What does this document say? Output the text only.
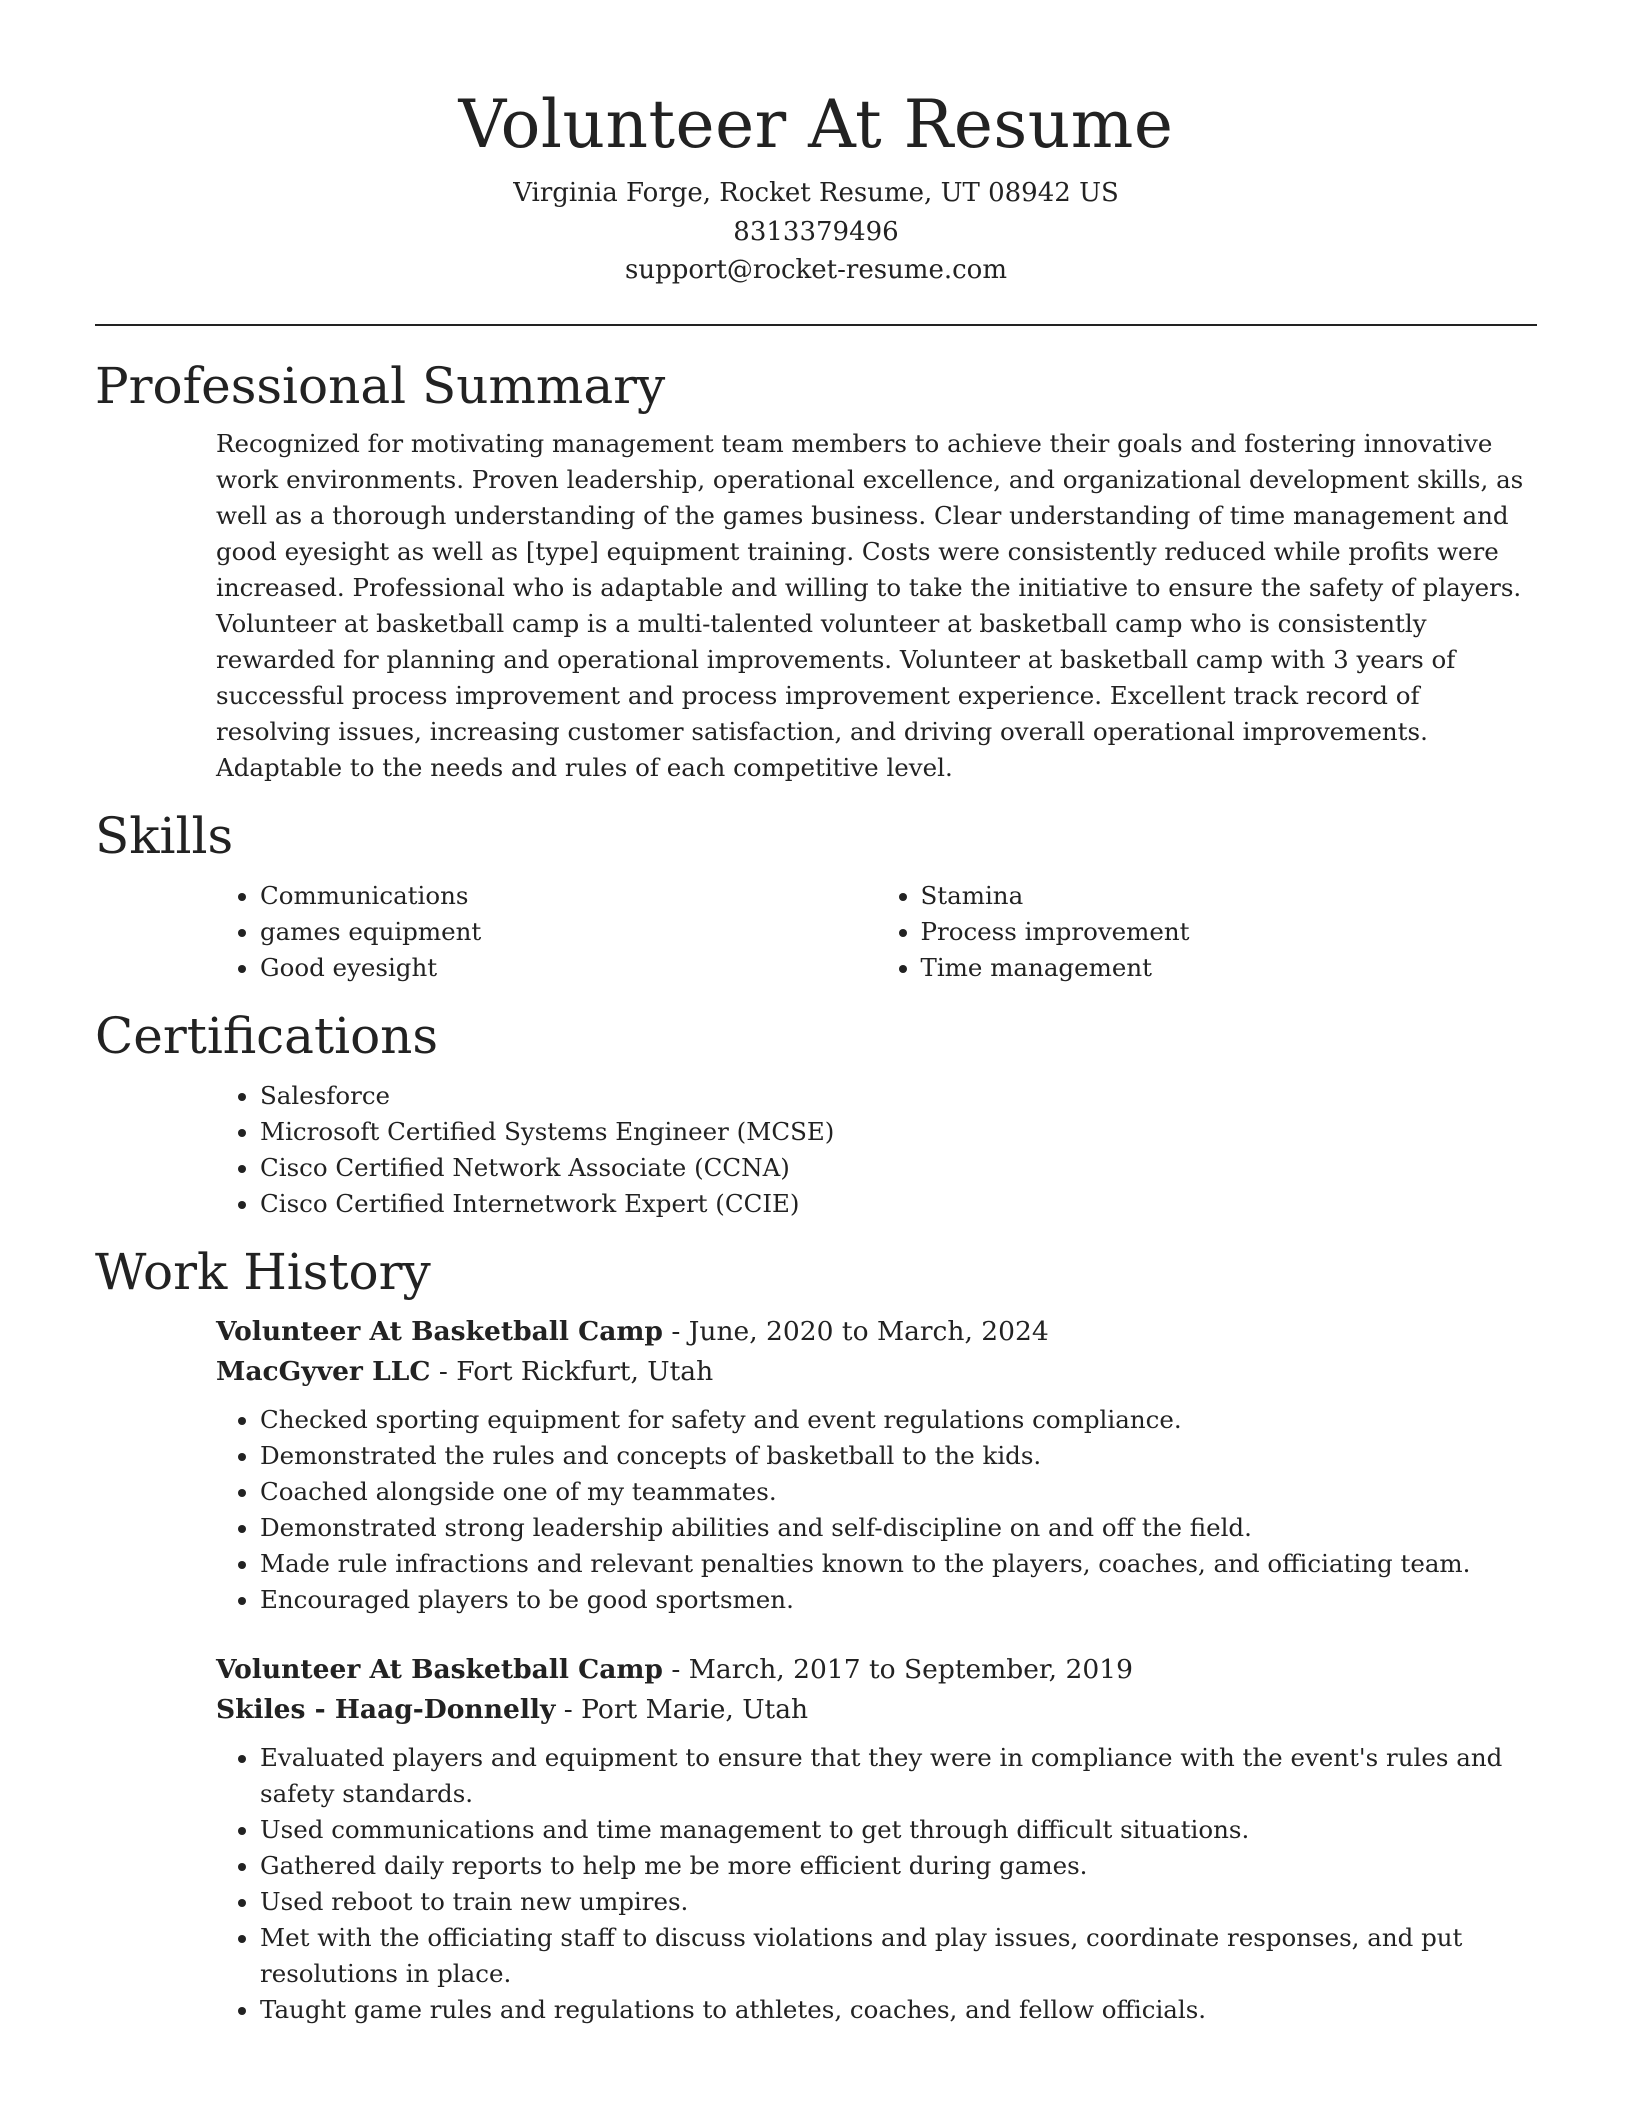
Volunteer At Resume
Virginia Forge, Rocket Resume, UT 08942 US
8313379496
support@rocket-resume.com
Professional Summary

Recognized for motivating management team members to achieve their goals and fostering innovative work environments. Proven leadership, operational excellence, and organizational development skills, as well as a thorough understanding of the games business. Clear understanding of time management and good eyesight as well as [type] equipment training. Costs were consistently reduced while profits were increased. Professional who is adaptable and willing to take the initiative to ensure the safety of players. Volunteer at basketball camp is a multi-talented volunteer at basketball camp who is consistently rewarded for planning and operational improvements. Volunteer at basketball camp with 3 years of successful process improvement and process improvement experience. Excellent track record of resolving issues, increasing customer satisfaction, and driving overall operational improvements. Adaptable to the needs and rules of each competitive level.

Skills
• Communications
• games equipment
• Good eyesight
• Stamina
• Process improvement
• Time management
Certifications
• Salesforce
• Microsoft Certified Systems Engineer (MCSE)
• Cisco Certified Network Associate (CCNA)
• Cisco Certified Internetwork Expert (CCIE)
Work History
Volunteer At Basketball Camp - June, 2020 to March, 2024
MacGyver LLC - Fort Rickfurt, Utah
• Checked sporting equipment for safety and event regulations compliance.
• Demonstrated the rules and concepts of basketball to the kids.
• Coached alongside one of my teammates.
• Demonstrated strong leadership abilities and self-discipline on and off the field.
• Made rule infractions and relevant penalties known to the players, coaches, and officiating team.
• Encouraged players to be good sportsmen.
Volunteer At Basketball Camp - March, 2017 to September, 2019
Skiles - Haag-Donnelly - Port Marie, Utah
• Evaluated players and equipment to ensure that they were in compliance with the event's rules and safety standards.
• Used communications and time management to get through difficult situations.
• Gathered daily reports to help me be more efficient during games.
• Used reboot to train new umpires.
• Met with the officiating staff to discuss violations and play issues, coordinate responses, and put resolutions in place.
• Taught game rules and regulations to athletes, coaches, and fellow officials.
